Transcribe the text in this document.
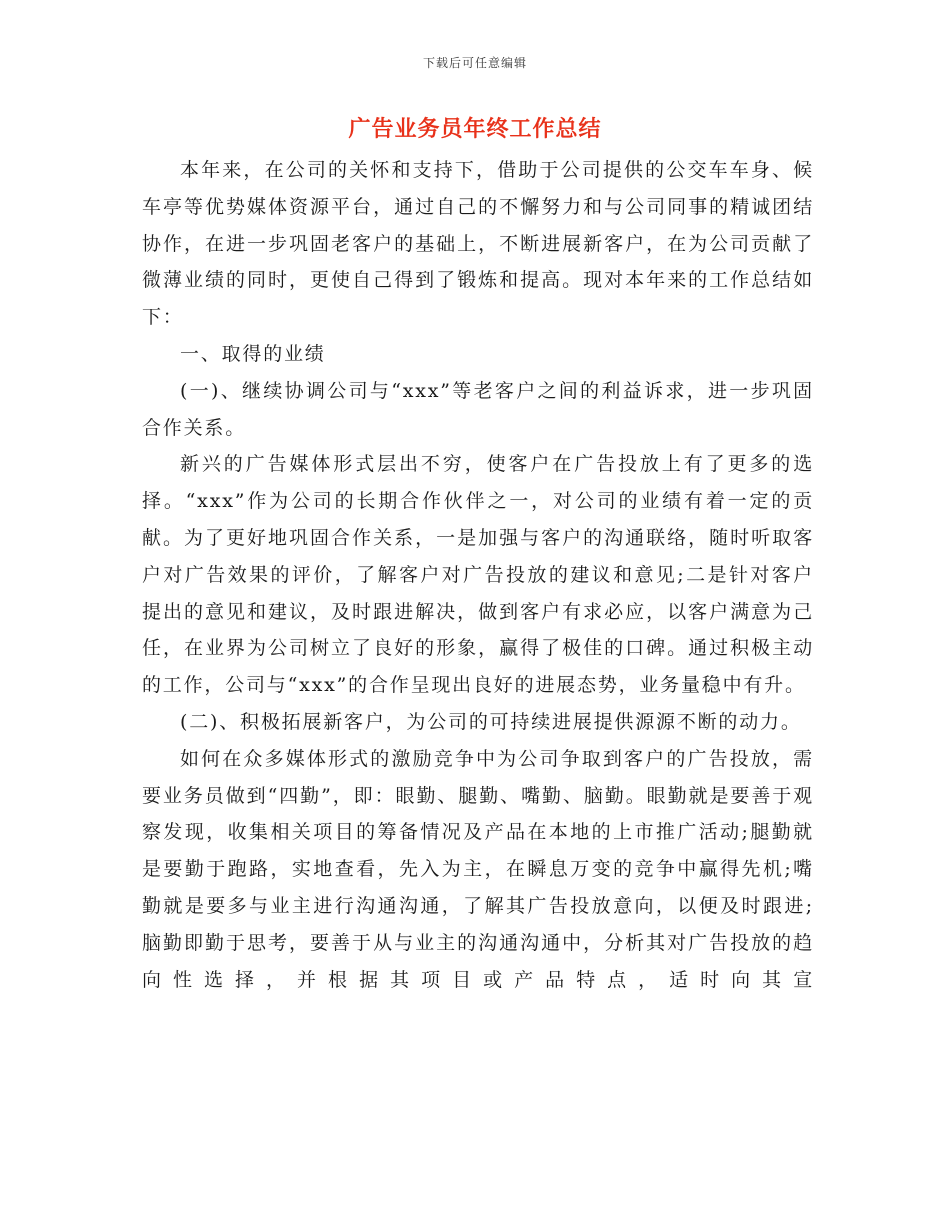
下载后可任意编辑
广告业务员年终工作总结

本年来，在公司的关怀和支持下，借助于公司提供的公交车车身、候车亭等优势媒体资源平台，通过自己的不懈努力和与公司同事的精诚团结协作，在进一步巩固老客户的基础上，不断进展新客户，在为公司贡献了微薄业绩的同时，更使自己得到了锻炼和提高。现对本年来的工作总结如下：

一、取得的业绩

(一)、继续协调公司与“xxx”等老客户之间的利益诉求，进一步巩固合作关系。

新兴的广告媒体形式层出不穷，使客户在广告投放上有了更多的选择。“xxx”作为公司的长期合作伙伴之一，对公司的业绩有着一定的贡献。为了更好地巩固合作关系，一是加强与客户的沟通联络，随时听取客户对广告效果的评价，了解客户对广告投放的建议和意见;二是针对客户提出的意见和建议，及时跟进解决，做到客户有求必应，以客户满意为己任，在业界为公司树立了良好的形象，赢得了极佳的口碑。通过积极主动的工作，公司与“xxx”的合作呈现出良好的进展态势，业务量稳中有升。

(二)、积极拓展新客户，为公司的可持续进展提供源源不断的动力。

如何在众多媒体形式的激励竞争中为公司争取到客户的广告投放，需要业务员做到“四勤”，即：眼勤、腿勤、嘴勤、脑勤。眼勤就是要善于观察发现，收集相关项目的筹备情况及产品在本地的上市推广活动;腿勤就是要勤于跑路，实地查看，先入为主，在瞬息万变的竞争中赢得先机;嘴勤就是要多与业主进行沟通沟通，了解其广告投放意向，以便及时跟进;脑勤即勤于思考，要善于从与业主的沟通沟通中，分析其对广告投放的趋向性选择，并根据其项目或产品特点，适时向其宣
